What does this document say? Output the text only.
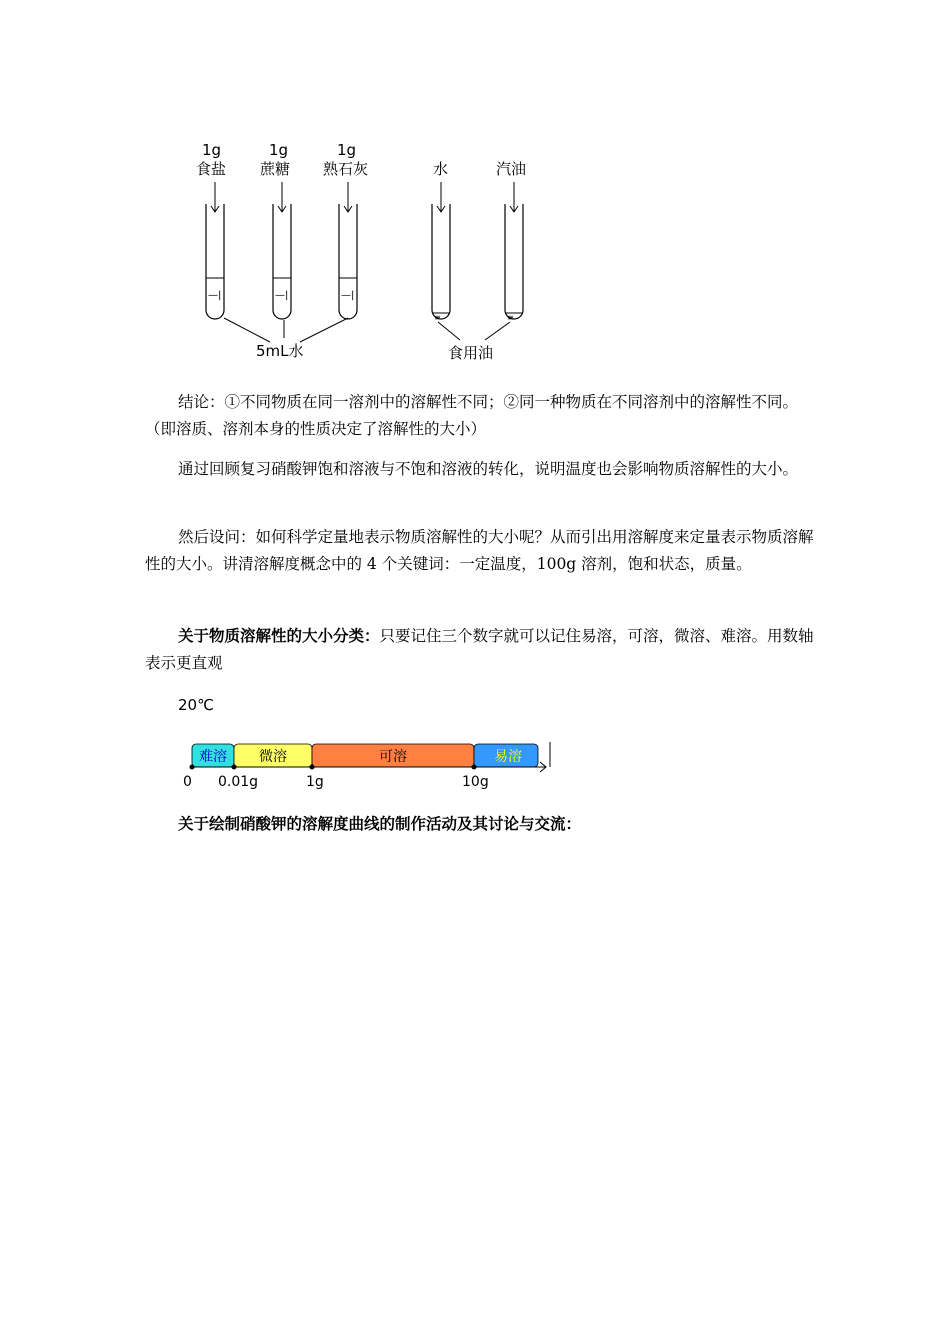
1g
食盐
—|
1g
蔗糖
—|
1g
熟石灰
—|
水
≡
汽油
≡
5mL水	食用油

结论：①不同物质在同一溶剂中的溶解性不同；②同一种物质在不同溶剂中的溶解性不同。（即溶质、溶剂本身的性质决定了溶解性的大小）

通过回顾复习硝酸钾饱和溶液与不饱和溶液的转化，说明温度也会影响物质溶解性的大小。

然后设问：如何科学定量地表示物质溶解性的大小呢？从而引出用溶解度来定量表示物质溶解性的大小。讲清溶解度概念中的 4 个关键词：一定温度，100g 溶剂，饱和状态，质量。

关于物质溶解性的大小分类：只要记住三个数字就可以记住易溶，可溶，微溶、难溶。用数轴表示更直观

20℃
难溶 微溶	可溶	易溶
0 0.01g	1g	10g
关于绘制硝酸钾的溶解度曲线的制作活动及其讨论与交流：
